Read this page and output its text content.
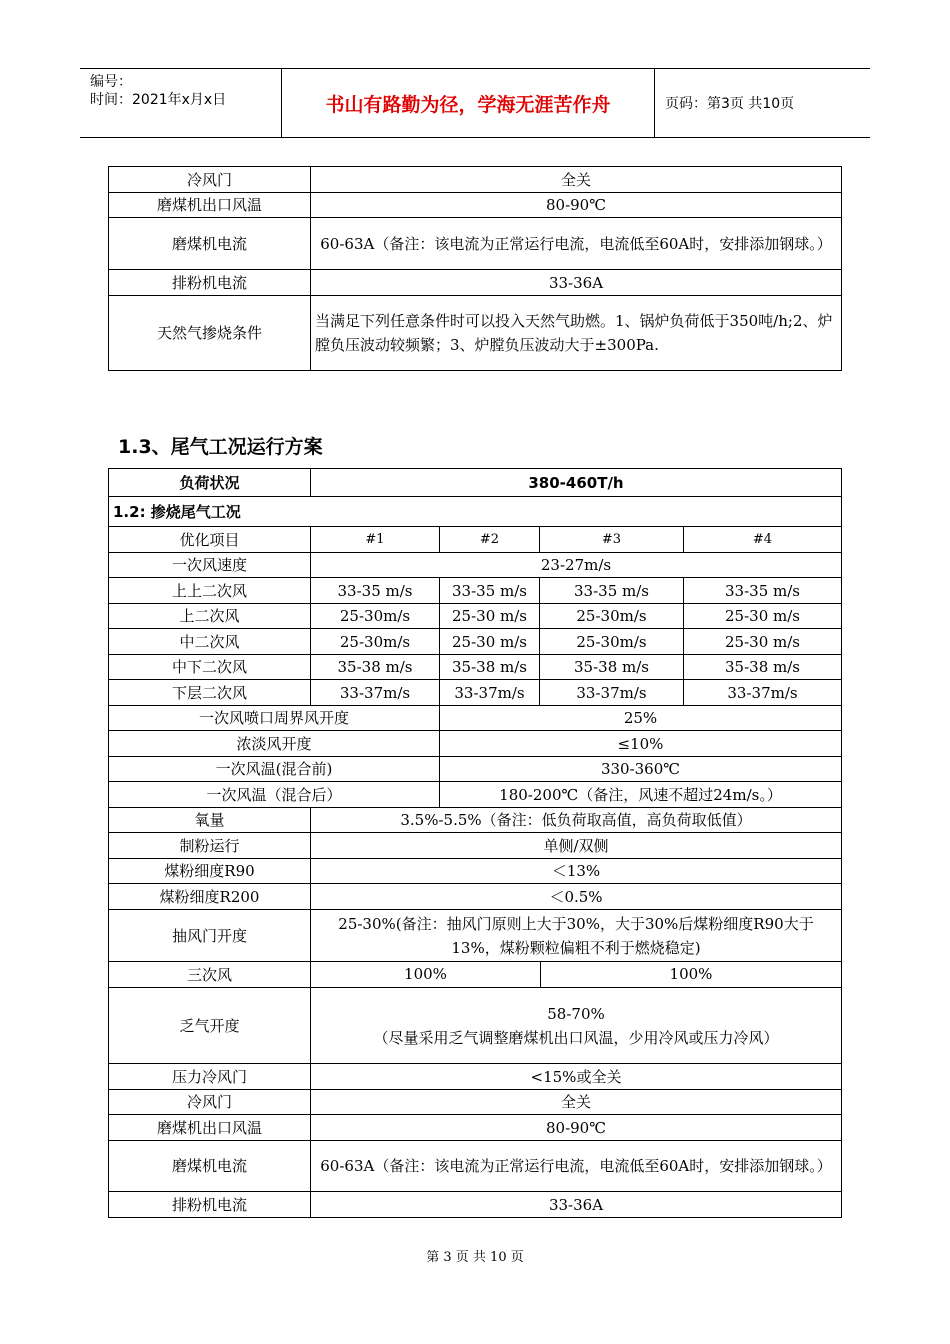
编号：
时间：2021年x月x日	书山有路勤为径，学海无涯苦作舟	页码：第3页 共10页
冷风门	全关
磨煤机出口风温	80-90℃
磨煤机电流	60-63A（备注：该电流为正常运行电流，电流低至60A时，安排添加钢球。）
排粉机电流	33-36A
天然气掺烧条件	当满足下列任意条件时可以投入天然气助燃。1、锅炉负荷低于350吨/h;2、炉膛负压波动较频繁；3、炉膛负压波动大于±300Pa.
1.3、尾气工况运行方案
负荷状况	380-460T/h			
1.2: 掺烧尾气工况				
优化项目	#1	#2	#3	#4
一次风速度	23-27m/s			
上上二次风	33-35 m/s	33-35 m/s	33-35 m/s	33-35 m/s
上二次风	25-30m/s	25-30 m/s	25-30m/s	25-30 m/s
中二次风	25-30m/s	25-30 m/s	25-30m/s	25-30 m/s
中下二次风	35-38 m/s	35-38 m/s	35-38 m/s	35-38 m/s
下层二次风	33-37m/s	33-37m/s	33-37m/s	33-37m/s
一次风喷口周界风开度		25%		
浓淡风开度		≤10%		
一次风温(混合前)		330-360℃		
一次风温（混合后）		180-200℃（备注，风速不超过24m/s。）		
氧量	3.5%-5.5%（备注：低负荷取高值，高负荷取低值）			
制粉运行	单侧/双侧			
煤粉细度R90	＜13%			
煤粉细度R200	＜0.5%			
抽风门开度	25-30%(备注：抽风门原则上大于30%，大于30%后煤粉细度R90大于13%，煤粉颗粒偏粗不利于燃烧稳定)			
三次风	100% 100%			

乏气开度	58-70%
（尽量采用乏气调整磨煤机出口风温，少用冷风或压力冷风）			

压力冷风门	<15%或全关			
冷风门	全关			
磨煤机出口风温	80-90℃			
磨煤机电流	60-63A（备注：该电流为正常运行电流，电流低至60A时，安排添加钢球。）			
排粉机电流	33-36A			
第 3 页 共 10 页
